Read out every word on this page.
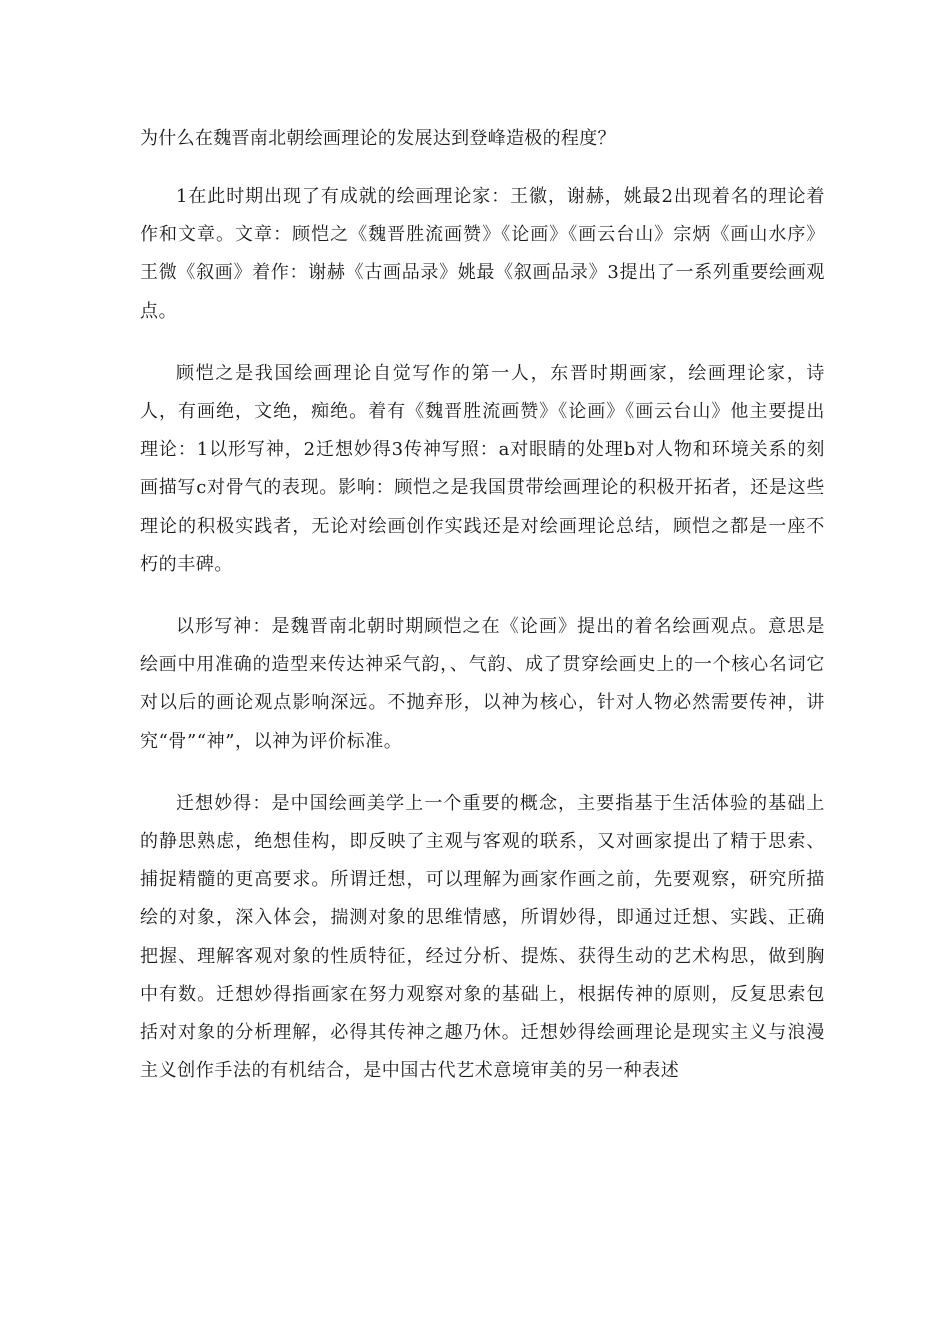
为什么在魏晋南北朝绘画理论的发展达到登峰造极的程度？

1在此时期出现了有成就的绘画理论家：王徽，谢赫，姚最2出现着名的理论着作和文章。文章：顾恺之《魏晋胜流画赞》《论画》《画云台山》宗炳《画山水序》王微《叙画》着作：谢赫《古画品录》姚最《叙画品录》3提出了一系列重要绘画观点。

顾恺之是我国绘画理论自觉写作的第一人，东晋时期画家，绘画理论家，诗人，有画绝，文绝，痴绝。着有《魏晋胜流画赞》《论画》《画云台山》他主要提出理论：1以形写神，2迁想妙得3传神写照：a对眼睛的处理b对人物和环境关系的刻画描写c对骨气的表现。影响：顾恺之是我国贯带绘画理论的积极开拓者，还是这些理论的积极实践者，无论对绘画创作实践还是对绘画理论总结，顾恺之都是一座不朽的丰碑。

以形写神：是魏晋南北朝时期顾恺之在《论画》提出的着名绘画观点。意思是绘画中用准确的造型来传达神采气韵，、气韵、成了贯穿绘画史上的一个核心名词它对以后的画论观点影响深远。不抛弃形，以神为核心，针对人物必然需要传神，讲究“骨”“神”，以神为评价标准。

迁想妙得：是中国绘画美学上一个重要的概念，主要指基于生活体验的基础上的静思熟虑，绝想佳构，即反映了主观与客观的联系，又对画家提出了精于思索、捕捉精髓的更高要求。所谓迁想，可以理解为画家作画之前，先要观察，研究所描绘的对象，深入体会，揣测对象的思维情感，所谓妙得，即通过迁想、实践、正确把握、理解客观对象的性质特征，经过分析、提炼、获得生动的艺术构思，做到胸中有数。迁想妙得指画家在努力观察对象的基础上，根据传神的原则，反复思索包括对对象的分析理解，必得其传神之趣乃休。迁想妙得绘画理论是现实主义与浪漫主义创作手法的有机结合，是中国古代艺术意境审美的另一种表述
